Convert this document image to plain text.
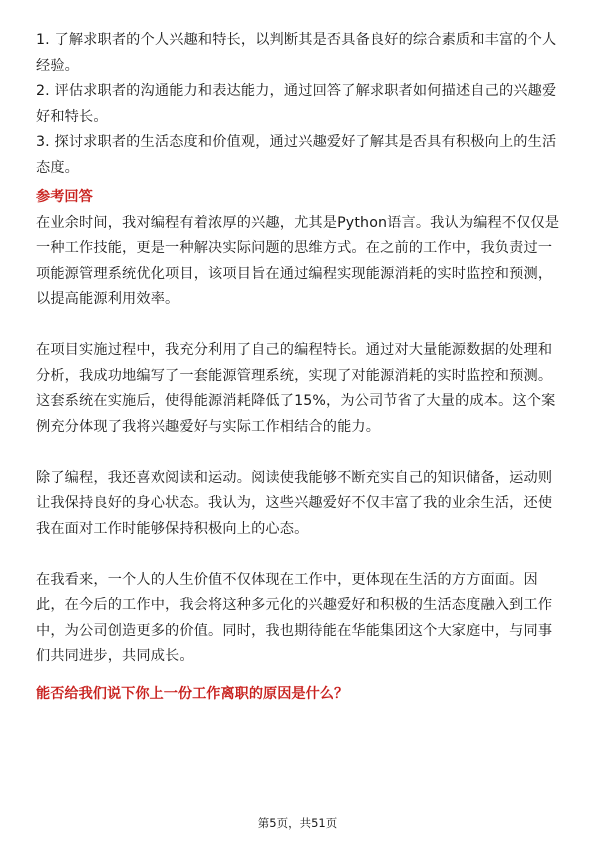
1. 了解求职者的个人兴趣和特长，以判断其是否具备良好的综合素质和丰富的个人
经验。
2. 评估求职者的沟通能力和表达能力，通过回答了解求职者如何描述自己的兴趣爱
好和特长。
3. 探讨求职者的生活态度和价值观，通过兴趣爱好了解其是否具有积极向上的生活
态度。
参考回答
在业余时间，我对编程有着浓厚的兴趣，尤其是Python语言。我认为编程不仅仅是
一种工作技能，更是一种解决实际问题的思维方式。在之前的工作中，我负责过一
项能源管理系统优化项目，该项目旨在通过编程实现能源消耗的实时监控和预测，
以提高能源利用效率。
在项目实施过程中，我充分利用了自己的编程特长。通过对大量能源数据的处理和
分析，我成功地编写了一套能源管理系统，实现了对能源消耗的实时监控和预测。
这套系统在实施后，使得能源消耗降低了15%，为公司节省了大量的成本。这个案
例充分体现了我将兴趣爱好与实际工作相结合的能力。
除了编程，我还喜欢阅读和运动。阅读使我能够不断充实自己的知识储备，运动则
让我保持良好的身心状态。我认为，这些兴趣爱好不仅丰富了我的业余生活，还使
我在面对工作时能够保持积极向上的心态。
在我看来，一个人的人生价值不仅体现在工作中，更体现在生活的方方面面。因
此，在今后的工作中，我会将这种多元化的兴趣爱好和积极的生活态度融入到工作
中，为公司创造更多的价值。同时，我也期待能在华能集团这个大家庭中，与同事
们共同进步，共同成长。
能否给我们说下你上一份工作离职的原因是什么？
第5页，共51页
